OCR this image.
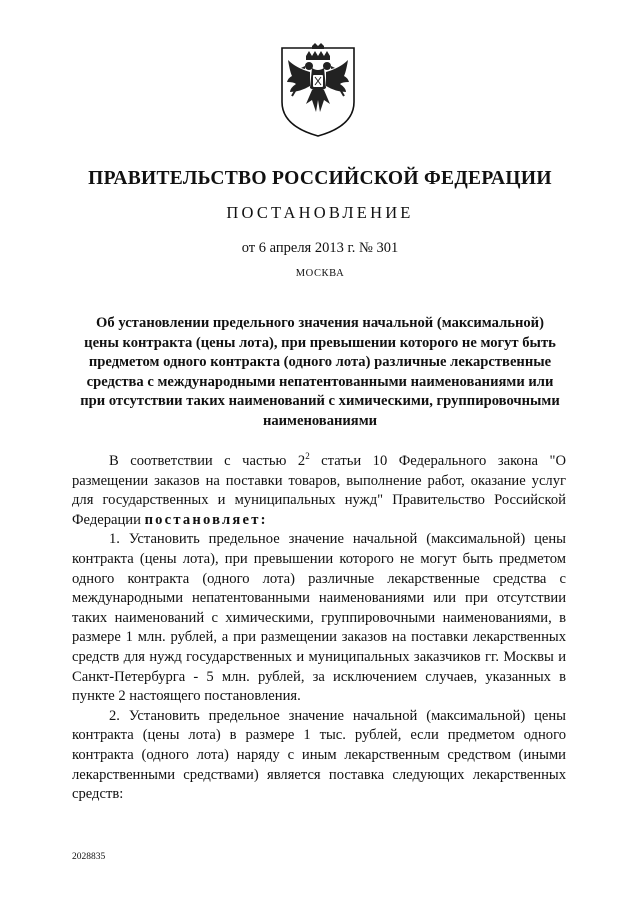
ПРАВИТЕЛЬСТВО РОССИЙСКОЙ ФЕДЕРАЦИИ
ПОСТАНОВЛЕНИЕ
от 6 апреля 2013 г. № 301
МОСКВА

Об установлении предельного значения начальной (максимальной) цены контракта (цены лота), при превышении которого не могут быть предметом одного контракта (одного лота) различные лекарственные средства с международными непатентованными наименованиями или при отсутствии таких наименований с химическими, группировочными наименованиями

В соответствии с частью $2^2$ статьи 10 Федерального закона "О размещении заказов на поставки товаров, выполнение работ, оказание услуг для государственных и муниципальных нужд" Правительство Российской Федерации постановляет:

1. Установить предельное значение начальной (максимальной) цены контракта (цены лота), при превышении которого не могут быть предметом одного контракта (одного лота) различные лекарственные средства с международными непатентованными наименованиями или при отсутствии таких наименований с химическими, группировочными наименованиями, в размере 1 млн. рублей, а при размещении заказов на поставки лекарственных средств для нужд государственных и муниципальных заказчиков гг. Москвы и Санкт-Петербурга - 5 млн. рублей, за исключением случаев, указанных в пункте 2 настоящего постановления.

2. Установить предельное значение начальной (максимальной) цены контракта (цены лота) в размере 1 тыс. рублей, если предметом одного контракта (одного лота) наряду с иным лекарственным средством (иными лекарственными средствами) является поставка следующих лекарственных средств:

2028835
